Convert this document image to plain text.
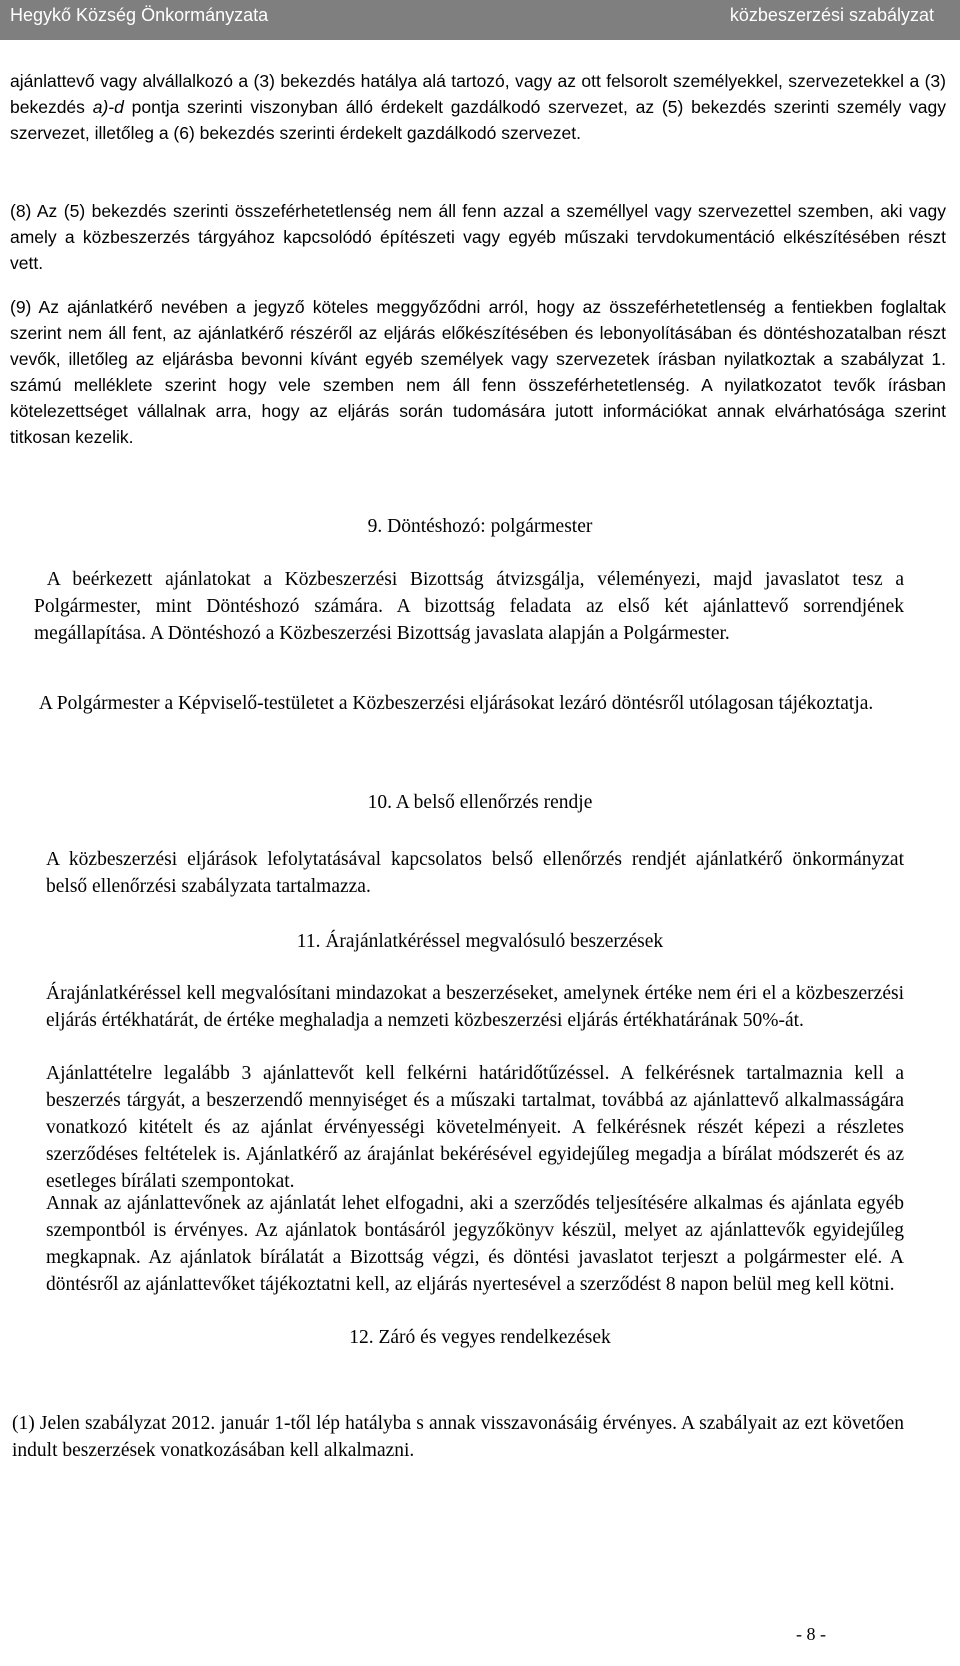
Hegykő Község Önkormányzata	közbeszerzési szabályzat

ajánlattevő vagy alvállalkozó a (3) bekezdés hatálya alá tartozó, vagy az ott felsorolt személyekkel, szervezetekkel a (3) bekezdés a)-d pontja szerinti viszonyban álló érdekelt gazdálkodó szervezet, az (5) bekezdés szerinti személy vagy szervezet, illetőleg a (6) bekezdés szerinti érdekelt gazdálkodó szervezet.

(8) Az (5) bekezdés szerinti összeférhetetlenség nem áll fenn azzal a személlyel vagy szervezettel szemben, aki vagy amely a közbeszerzés tárgyához kapcsolódó építészeti vagy egyéb műszaki tervdokumentáció elkészítésében részt vett.

(9) Az ajánlatkérő nevében a jegyző köteles meggyőződni arról, hogy az összeférhetetlenség a fentiekben foglaltak szerint nem áll fent, az ajánlatkérő részéről az eljárás előkészítésében és lebonyolításában és döntéshozatalban részt vevők, illetőleg az eljárásba bevonni kívánt egyéb személyek vagy szervezetek írásban nyilatkoztak a szabályzat 1. számú melléklete szerint hogy vele szemben nem áll fenn összeférhetetlenség. A nyilatkozatot tevők írásban kötelezettséget vállalnak arra, hogy az eljárás során tudomására jutott információkat annak elvárhatósága szerint titkosan kezelik.

9. Döntéshozó: polgármester

A beérkezett ajánlatokat a Közbeszerzési Bizottság átvizsgálja, véleményezi, majd javaslatot tesz a Polgármester, mint Döntéshozó számára. A bizottság feladata az első két ajánlattevő sorrendjének megállapítása. A Döntéshozó a Közbeszerzési Bizottság javaslata alapján a Polgármester.

A Polgármester a Képviselő-testületet a Közbeszerzési eljárásokat lezáró döntésről utólagosan tájékoztatja.

10. A belső ellenőrzés rendje

A közbeszerzési eljárások lefolytatásával kapcsolatos belső ellenőrzés rendjét ajánlatkérő önkormányzat belső ellenőrzési szabályzata tartalmazza.

11. Árajánlatkéréssel megvalósuló beszerzések

Árajánlatkéréssel kell megvalósítani mindazokat a beszerzéseket, amelynek értéke nem éri el a közbeszerzési eljárás értékhatárát, de értéke meghaladja a nemzeti közbeszerzési eljárás értékhatárának 50%-át.

Ajánlattételre legalább 3 ajánlattevőt kell felkérni határidőtűzéssel. A felkérésnek tartalmaznia kell a beszerzés tárgyát, a beszerzendő mennyiséget és a műszaki tartalmat, továbbá az ajánlattevő alkalmasságára vonatkozó kitételt és az ajánlat érvényességi követelményeit. A felkérésnek részét képezi a részletes szerződéses feltételek is. Ajánlatkérő az árajánlat bekérésével egyidejűleg megadja a bírálat módszerét és az esetleges bírálati szempontokat.

Annak az ajánlattevőnek az ajánlatát lehet elfogadni, aki a szerződés teljesítésére alkalmas és ajánlata egyéb szempontból is érvényes. Az ajánlatok bontásáról jegyzőkönyv készül, melyet az ajánlattevők egyidejűleg megkapnak. Az ajánlatok bírálatát a Bizottság végzi, és döntési javaslatot terjeszt a polgármester elé. A döntésről az ajánlattevőket tájékoztatni kell, az eljárás nyertesével a szerződést 8 napon belül meg kell kötni.

12. Záró és vegyes rendelkezések

(1) Jelen szabályzat 2012. január 1-től lép hatályba s annak visszavonásáig érvényes. A szabályait az ezt követően indult beszerzések vonatkozásában kell alkalmazni.

- 8 -
